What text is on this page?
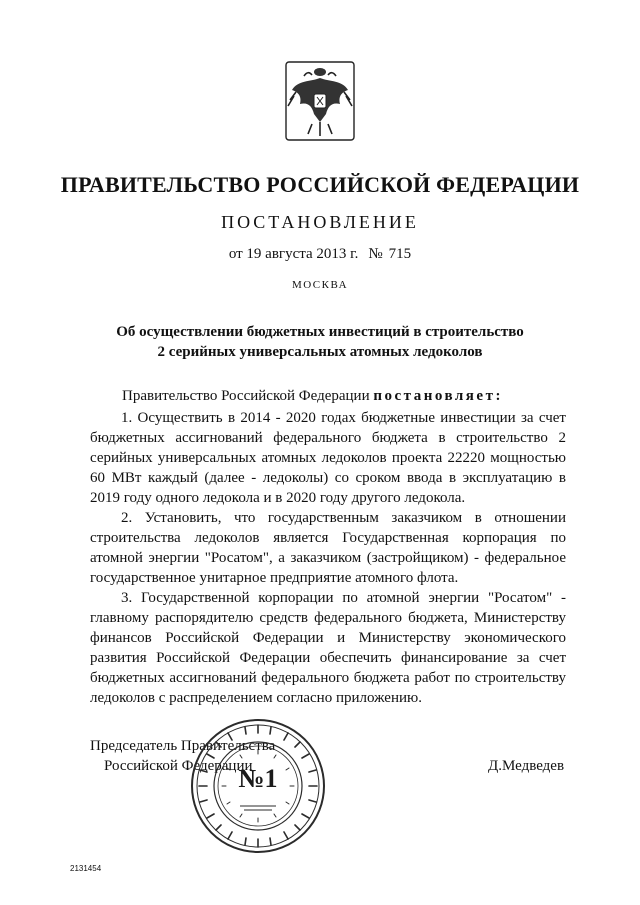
ПРАВИТЕЛЬСТВО РОССИЙСКОЙ ФЕДЕРАЦИИ
ПОСТАНОВЛЕНИЕ
от 19 августа 2013 г. № 715
МОСКВА
Об осуществлении бюджетных инвестиций в строительство
2 серийных универсальных атомных ледоколов
Правительство Российской Федерации постановляет:

1. Осуществить в 2014 - 2020 годах бюджетные инвестиции за счет бюджетных ассигнований федерального бюджета в строительство 2 серийных универсальных атомных ледоколов проекта 22220 мощностью 60 МВт каждый (далее - ледоколы) со сроком ввода в эксплуатацию в 2019 году одного ледокола и в 2020 году другого ледокола.

2. Установить, что государственным заказчиком в отношении строительства ледоколов является Государственная корпорация по атомной энергии "Росатом", а заказчиком (застройщиком) - федеральное государственное унитарное предприятие атомного флота.

3. Государственной корпорации по атомной энергии "Росатом" - главному распорядителю средств федерального бюджета, Министерству финансов Российской Федерации и Министерству экономического развития Российской Федерации обеспечить финансирование за счет бюджетных ассигнований федерального бюджета работ по строительству ледоколов с распределением согласно приложению.

Председатель Правительства
Российской Федерации	Д.Медведев
№1
2131454
